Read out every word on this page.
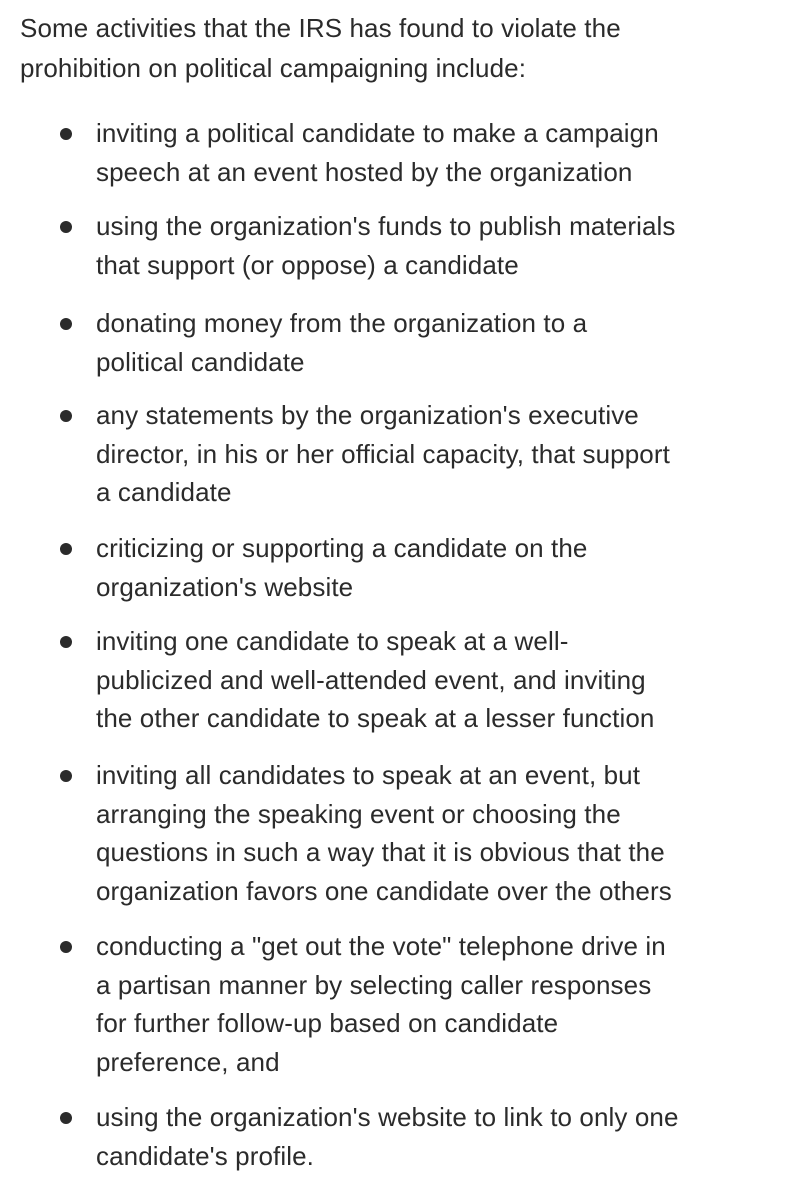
Some activities that the IRS has found to violate the
prohibition on political campaigning include:

inviting a political candidate to make a campaign
speech at an event hosted by the organization
using the organization's funds to publish materials
that support (or oppose) a candidate
donating money from the organization to a
political candidate
any statements by the organization's executive
director, in his or her official capacity, that support
a candidate
criticizing or supporting a candidate on the
organization's website
inviting one candidate to speak at a well-
publicized and well-attended event, and inviting
the other candidate to speak at a lesser function
inviting all candidates to speak at an event, but
arranging the speaking event or choosing the
questions in such a way that it is obvious that the
organization favors one candidate over the others
conducting a "get out the vote" telephone drive in
a partisan manner by selecting caller responses
for further follow-up based on candidate
preference, and
using the organization's website to link to only one
candidate's profile.
